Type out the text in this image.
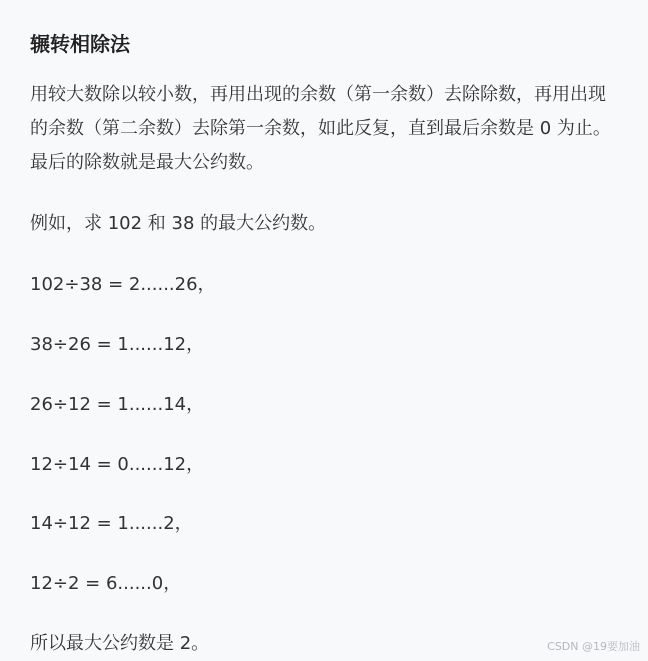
辗转相除法

用较大数除以较小数，再用出现的余数（第一余数）去除除数，再用出现的余数（第二余数）去除第一余数，如此反复，直到最后余数是 0 为止。最后的除数就是最大公约数。

例如，求 102 和 38 的最大公约数。

102÷38 = 2......26，

38÷26 = 1......12，

26÷12 = 1......14，

12÷14 = 0......12，

14÷12 = 1......2，

12÷2 = 6......0，

所以最大公约数是 2。	CSDN @19要加油
